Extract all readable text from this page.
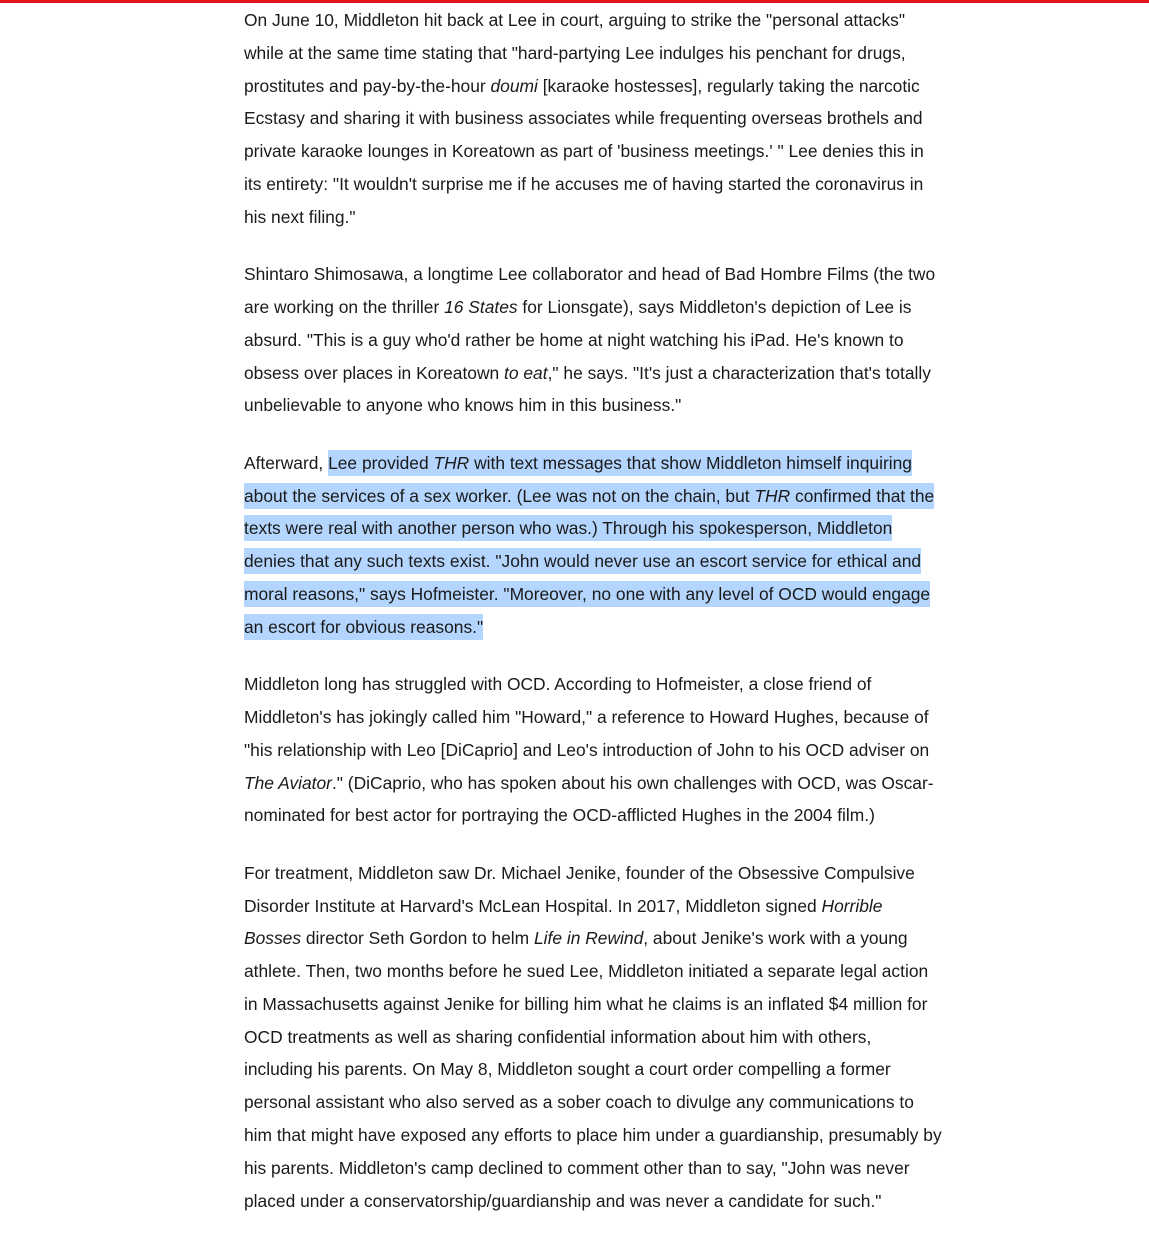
On June 10, Middleton hit back at Lee in court, arguing to strike the "personal attacks" while at the same time stating that "hard-partying Lee indulges his penchant for drugs, prostitutes and pay-by-the-hour doumi [karaoke hostesses], regularly taking the narcotic Ecstasy and sharing it with business associates while frequenting overseas brothels and private karaoke lounges in Koreatown as part of 'business meetings.' " Lee denies this in its entirety: "It wouldn't surprise me if he accuses me of having started the coronavirus in his next filing."

Shintaro Shimosawa, a longtime Lee collaborator and head of Bad Hombre Films (the two are working on the thriller 16 States for Lionsgate), says Middleton's depiction of Lee is absurd. "This is a guy who'd rather be home at night watching his iPad. He's known to obsess over places in Koreatown to eat," he says. "It's just a characterization that's totally unbelievable to anyone who knows him in this business."

Afterward, Lee provided THR with text messages that show Middleton himself inquiring about the services of a sex worker. (Lee was not on the chain, but THR confirmed that the texts were real with another person who was.) Through his spokesperson, Middleton denies that any such texts exist. "John would never use an escort service for ethical and moral reasons," says Hofmeister. "Moreover, no one with any level of OCD would engage an escort for obvious reasons."

Middleton long has struggled with OCD. According to Hofmeister, a close friend of Middleton's has jokingly called him "Howard," a reference to Howard Hughes, because of "his relationship with Leo [DiCaprio] and Leo's introduction of John to his OCD adviser on The Aviator." (DiCaprio, who has spoken about his own challenges with OCD, was Oscar-nominated for best actor for portraying the OCD-afflicted Hughes in the 2004 film.)

For treatment, Middleton saw Dr. Michael Jenike, founder of the Obsessive Compulsive Disorder Institute at Harvard's McLean Hospital. In 2017, Middleton signed Horrible Bosses director Seth Gordon to helm Life in Rewind, about Jenike's work with a young athlete. Then, two months before he sued Lee, Middleton initiated a separate legal action in Massachusetts against Jenike for billing him what he claims is an inflated $4 million for OCD treatments as well as sharing confidential information about him with others, including his parents. On May 8, Middleton sought a court order compelling a former personal assistant who also served as a sober coach to divulge any communications to him that might have exposed any efforts to place him under a guardianship, presumably by his parents. Middleton's camp declined to comment other than to say, "John was never placed under a conservatorship/guardianship and was never a candidate for such."
